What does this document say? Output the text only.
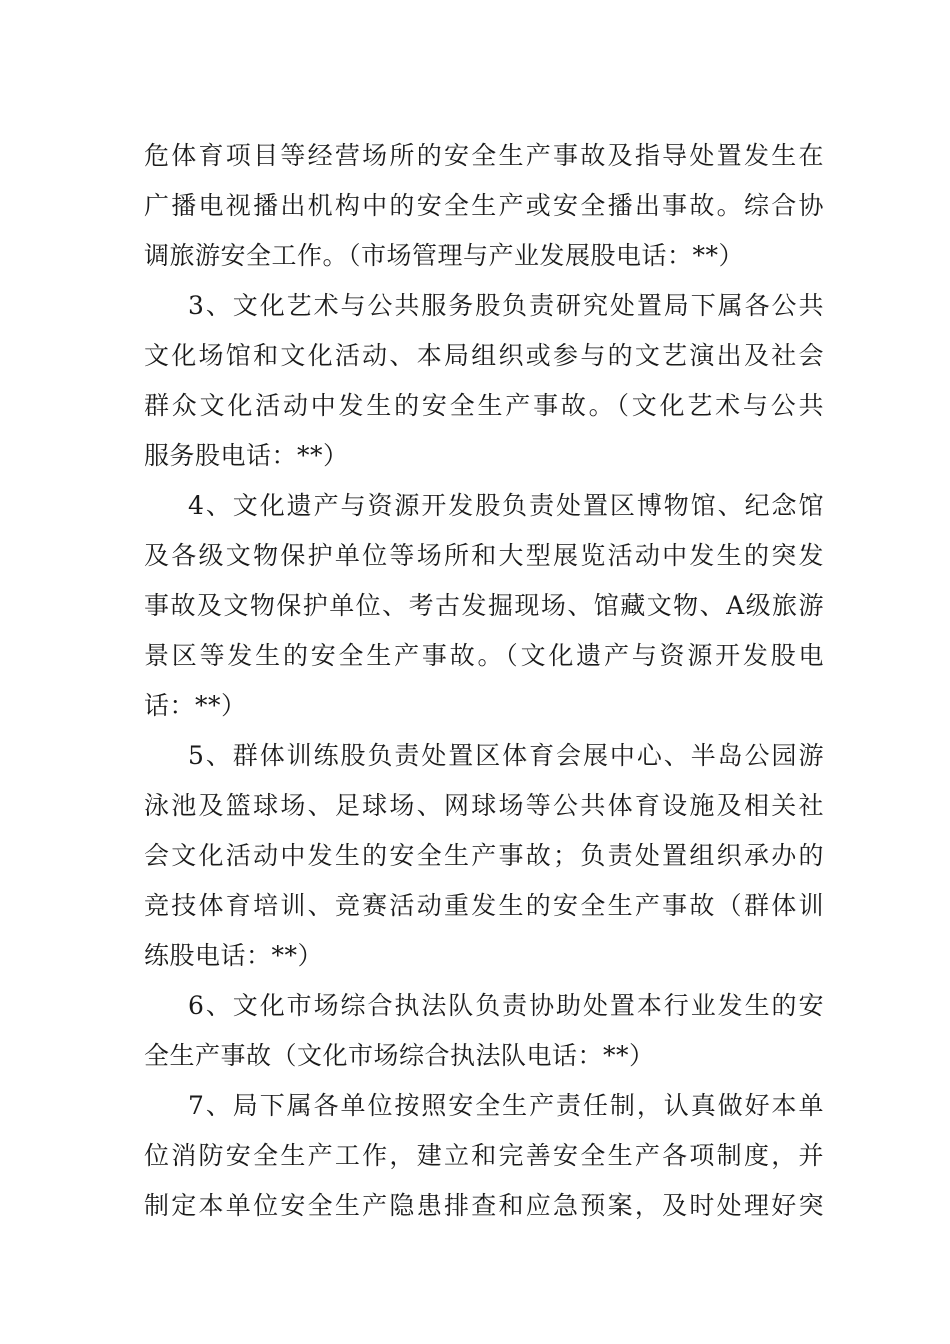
危体育项目等经营场所的安全生产事故及指导处置发生在
广播电视播出机构中的安全生产或安全播出事故。综合协
调旅游安全工作。（市场管理与产业发展股电话：**）
3、文化艺术与公共服务股负责研究处置局下属各公共
文化场馆和文化活动、本局组织或参与的文艺演出及社会
群众文化活动中发生的安全生产事故。（文化艺术与公共
服务股电话：**）
4、文化遗产与资源开发股负责处置区博物馆、纪念馆
及各级文物保护单位等场所和大型展览活动中发生的突发
事故及文物保护单位、考古发掘现场、馆藏文物、A级旅游
景区等发生的安全生产事故。（文化遗产与资源开发股电
话：**）
5、群体训练股负责处置区体育会展中心、半岛公园游
泳池及篮球场、足球场、网球场等公共体育设施及相关社
会文化活动中发生的安全生产事故；负责处置组织承办的
竞技体育培训、竞赛活动重发生的安全生产事故（群体训
练股电话：**）
6、文化市场综合执法队负责协助处置本行业发生的安
全生产事故（文化市场综合执法队电话：**）
7、局下属各单位按照安全生产责任制，认真做好本单
位消防安全生产工作，建立和完善安全生产各项制度，并
制定本单位安全生产隐患排查和应急预案，及时处理好突
